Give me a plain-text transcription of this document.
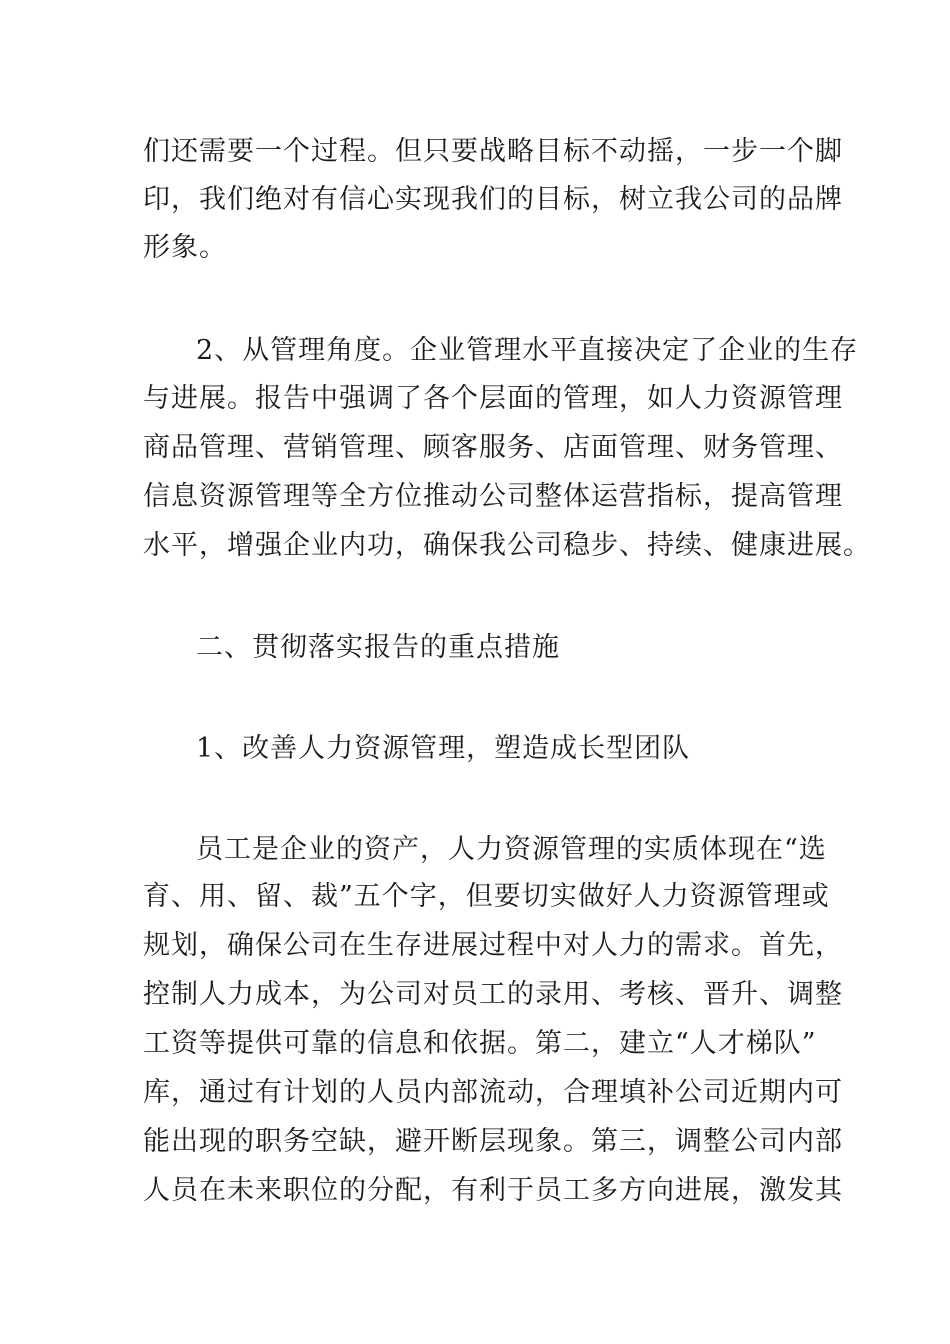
们还需要一个过程。但只要战略目标不动摇，一步一个脚
印，我们绝对有信心实现我们的目标，树立我公司的品牌
形象。
2、从管理角度。企业管理水平直接决定了企业的生存
与进展。报告中强调了各个层面的管理，如人力资源管理
商品管理、营销管理、顾客服务、店面管理、财务管理、
信息资源管理等全方位推动公司整体运营指标，提高管理
水平，增强企业内功，确保我公司稳步、持续、健康进展。
二、贯彻落实报告的重点措施
1、改善人力资源管理，塑造成长型团队
员工是企业的资产，人力资源管理的实质体现在“选
育、用、留、裁”五个字，但要切实做好人力资源管理或
规划，确保公司在生存进展过程中对人力的需求。首先，
控制人力成本，为公司对员工的录用、考核、晋升、调整
工资等提供可靠的信息和依据。第二，建立“人才梯队”
库，通过有计划的人员内部流动，合理填补公司近期内可
能出现的职务空缺，避开断层现象。第三，调整公司内部
人员在未来职位的分配，有利于员工多方向进展，激发其
